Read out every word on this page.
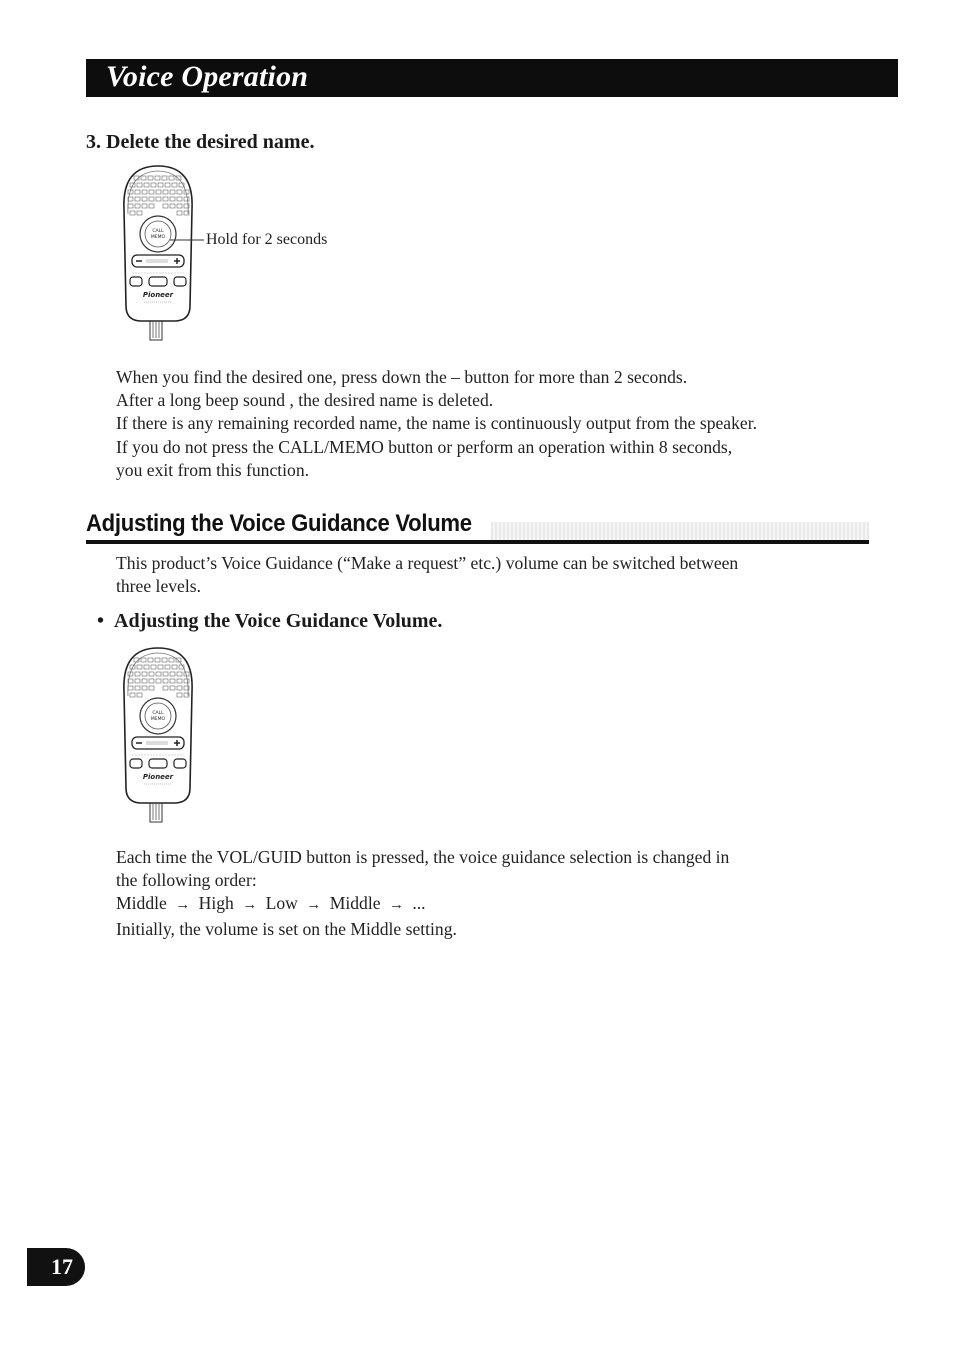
Voice Operation
3. Delete the desired name.
CALL
MEMO
Pioneer
Hold for 2 seconds
When you find the desired one, press down the – button for more than 2 seconds.
After a long beep sound , the desired name is deleted.
If there is any remaining recorded name, the name is continuously output from the speaker.
If you do not press the CALL/MEMO button or perform an operation within 8 seconds,
you exit from this function.
Adjusting the Voice Guidance Volume
This product’s Voice Guidance (“Make a request” etc.) volume can be switched between
three levels.
• Adjusting the Voice Guidance Volume.
CALL
MEMO
Pioneer
Each time the VOL/GUID button is pressed, the voice guidance selection is changed in
the following order:
Middle → High → Low → Middle → ...
Initially, the volume is set on the Middle setting.
17
